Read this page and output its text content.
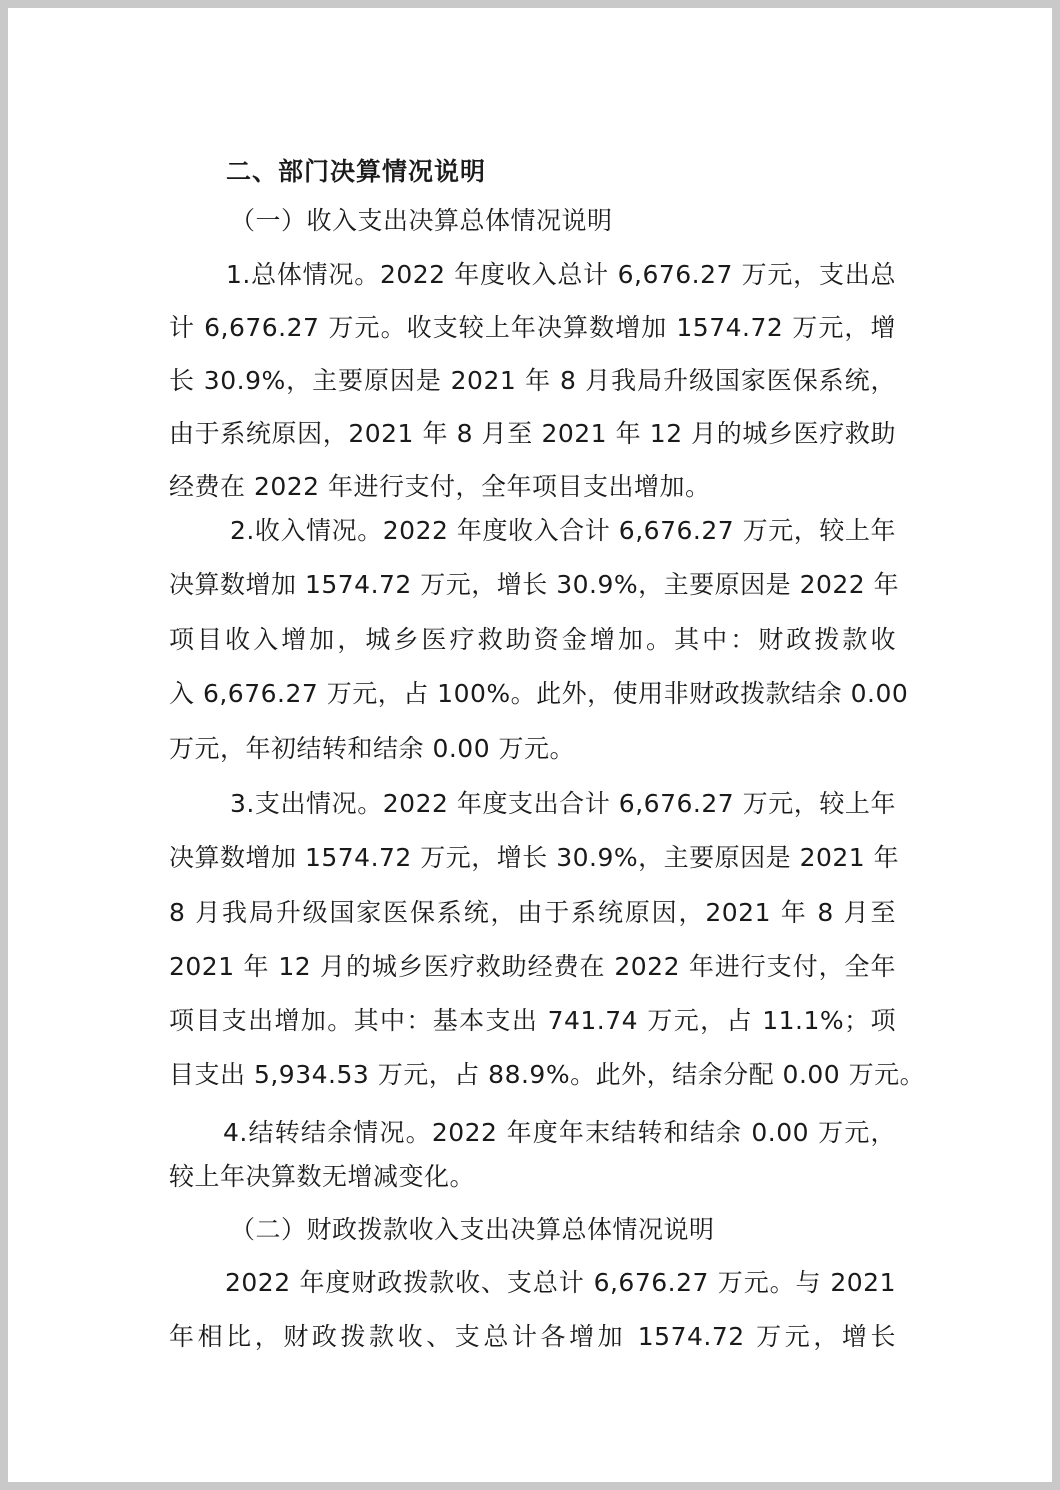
二、部门决算情况说明
（一）收入支出决算总体情况说明
1.总体情况。2022 年度收入总计 6,676.27 万元，支出总
计 6,676.27 万元。收支较上年决算数增加 1574.72 万元，增
长 30.9%，主要原因是 2021 年 8 月我局升级国家医保系统，
由于系统原因，2021 年 8 月至 2021 年 12 月的城乡医疗救助
经费在 2022 年进行支付，全年项目支出增加。
2.收入情况。2022 年度收入合计 6,676.27 万元，较上年
决算数增加 1574.72 万元，增长 30.9%，主要原因是 2022 年
项目收入增加，城乡医疗救助资金增加。其中：财政拨款收
入 6,676.27 万元，占 100%。此外，使用非财政拨款结余 0.00
万元，年初结转和结余 0.00 万元。
3.支出情况。2022 年度支出合计 6,676.27 万元，较上年
决算数增加 1574.72 万元，增长 30.9%，主要原因是 2021 年
8 月我局升级国家医保系统，由于系统原因，2021 年 8 月至
2021 年 12 月的城乡医疗救助经费在 2022 年进行支付，全年
项目支出增加。其中：基本支出 741.74 万元，占 11.1%；项
目支出 5,934.53 万元，占 88.9%。此外，结余分配 0.00 万元。
4.结转结余情况。2022 年度年末结转和结余 0.00 万元，
较上年决算数无增减变化。
（二）财政拨款收入支出决算总体情况说明
2022 年度财政拨款收、支总计 6,676.27 万元。与 2021
年相比，财政拨款收、支总计各增加 1574.72 万元，增长
